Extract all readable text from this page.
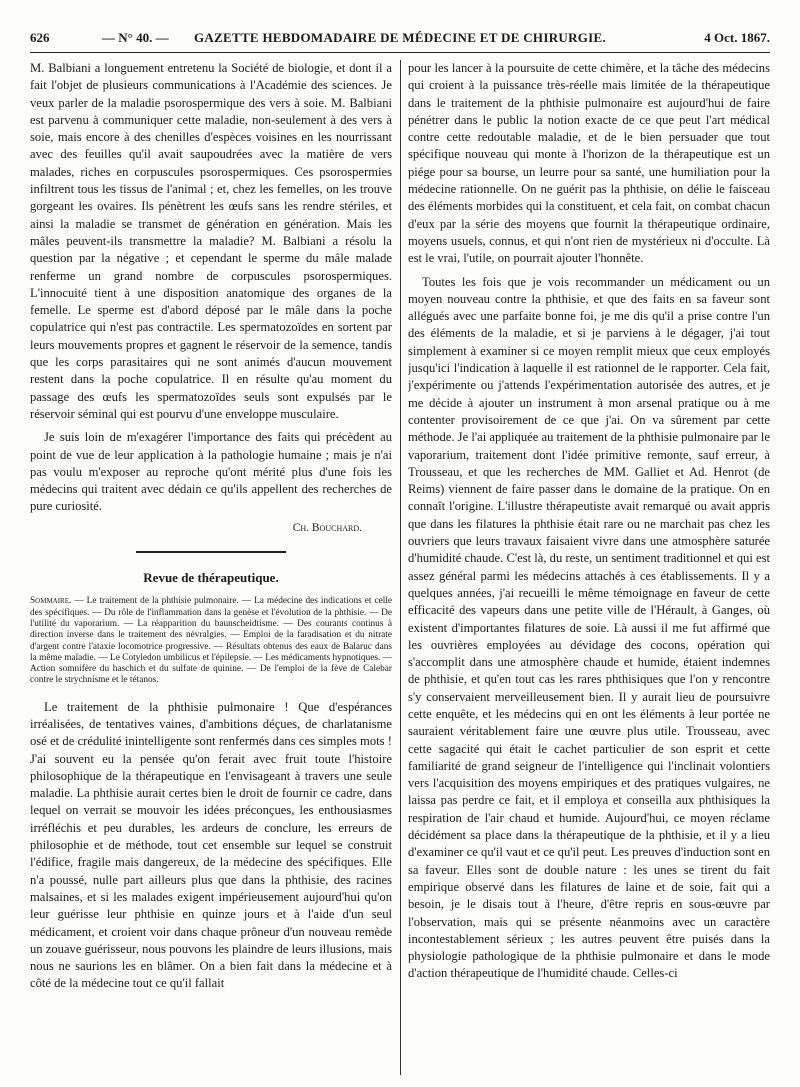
GAZETTE HEBDOMADAIRE DE MÉDECINE ET DE CHIRURGIE.
626	— N° 40. —	4 Oct. 1867.

M. Balbiani a longuement entretenu la Société de biologie, et dont il a fait l'objet de plusieurs communications à l'Académie des sciences. Je veux parler de la maladie psorospermique des vers à soie. M. Balbiani est parvenu à communiquer cette maladie, non-seulement à des vers à soie, mais encore à des chenilles d'espèces voisines en les nourrissant avec des feuilles qu'il avait saupoudrées avec la matière de vers malades, riches en corpuscules psorospermiques. Ces psorospermies infiltrent tous les tissus de l'animal ; et, chez les femelles, on les trouve gorgeant les ovaires. Ils pénètrent les œufs sans les rendre stériles, et ainsi la maladie se transmet de génération en génération. Mais les mâles peuvent-ils transmettre la maladie? M. Balbiani a résolu la question par la négative ; et cependant le sperme du mâle malade renferme un grand nombre de corpuscules psorospermiques. L'innocuité tient à une disposition anatomique des organes de la femelle. Le sperme est d'abord déposé par le mâle dans la poche copulatrice qui n'est pas contractile. Les spermatozoïdes en sortent par leurs mouvements propres et gagnent le réservoir de la semence, tandis que les corps parasitaires qui ne sont animés d'aucun mouvement restent dans la poche copulatrice. Il en résulte qu'au moment du passage des œufs les spermatozoïdes seuls sont expulsés par le réservoir séminal qui est pourvu d'une enveloppe musculaire.

Je suis loin de m'exagérer l'importance des faits qui précèdent au point de vue de leur application à la pathologie humaine ; mais je n'ai pas voulu m'exposer au reproche qu'ont mérité plus d'une fois les médecins qui traitent avec dédain ce qu'ils appellent des recherches de pure curiosité.

Ch. Bouchard.
Revue de thérapeutique.
Sommaire. — Le traitement de la phthisie pulmonaire. — La médecine des indications et celle des spécifiques. — Du rôle de l'inflammation dans la genèse et l'évolution de la phthisie. — De l'utilité du vaporarium. — La réapparition du baunscheidtisme. — Des courants continus à direction inverse dans le traitement des névralgies. — Emploi de la faradisation et du nitrate d'argent contre l'ataxie locomotrice progressive. — Résultats obtenus des eaux de Balaruc dans la même maladie. — Le Cotyledon umbilicus et l'épilepsie. — Les médicaments hypnotiques. — Action somnifère du haschich et du sulfate de quinine. — De l'emploi de la fève de Calebar contre le strychnisme et le tétanos.

Le traitement de la phthisie pulmonaire ! Que d'espérances irréalisées, de tentatives vaines, d'ambitions déçues, de charlatanisme osé et de crédulité inintelligente sont renfermés dans ces simples mots ! J'ai souvent eu la pensée qu'on ferait avec fruit toute l'histoire philosophique de la thérapeutique en l'envisageant à travers une seule maladie. La phthisie aurait certes bien le droit de fournir ce cadre, dans lequel on verrait se mouvoir les idées préconçues, les enthousiasmes irréfléchis et peu durables, les ardeurs de conclure, les erreurs de philosophie et de méthode, tout cet ensemble sur lequel se construit l'édifice, fragile mais dangereux, de la médecine des spécifiques. Elle n'a poussé, nulle part ailleurs plus que dans la phthisie, des racines malsaines, et si les malades exigent impérieusement aujourd'hui qu'on leur guérisse leur phthisie en quinze jours et à l'aide d'un seul médicament, et croient voir dans chaque prôneur d'un nouveau remède un zouave guérisseur, nous pouvons les plaindre de leurs illusions, mais nous ne saurions les en blâmer. On a bien fait dans la médecine et à côté de la médecine tout ce qu'il fallait

pour les lancer à la poursuite de cette chimère, et la tâche des médecins qui croient à la puissance très-réelle mais limitée de la thérapeutique dans le traitement de la phthisie pulmonaire est aujourd'hui de faire pénétrer dans le public la notion exacte de ce que peut l'art médical contre cette redoutable maladie, et de le bien persuader que tout spécifique nouveau qui monte à l'horizon de la thérapeutique est un piége pour sa bourse, un leurre pour sa santé, une humiliation pour la médecine rationnelle. On ne guérit pas la phthisie, on délie le faisceau des éléments morbides qui la constituent, et cela fait, on combat chacun d'eux par la série des moyens que fournit la thérapeutique ordinaire, moyens usuels, connus, et qui n'ont rien de mystérieux ni d'occulte. Là est le vrai, l'utile, on pourrait ajouter l'honnête.

Toutes les fois que je vois recommander un médicament ou un moyen nouveau contre la phthisie, et que des faits en sa faveur sont allégués avec une parfaite bonne foi, je me dis qu'il a prise contre l'un des éléments de la maladie, et si je parviens à le dégager, j'ai tout simplement à examiner si ce moyen remplit mieux que ceux employés jusqu'ici l'indication à laquelle il est rationnel de le rapporter. Cela fait, j'expérimente ou j'attends l'expérimentation autorisée des autres, et je me décide à ajouter un instrument à mon arsenal pratique ou à me contenter provisoirement de ce que j'ai. On va sûrement par cette méthode. Je l'ai appliquée au traitement de la phthisie pulmonaire par le vaporarium, traitement dont l'idée primitive remonte, sauf erreur, à Trousseau, et que les recherches de MM. Galliet et Ad. Henrot (de Reims) viennent de faire passer dans le domaine de la pratique. On en connaît l'origine. L'illustre thérapeutiste avait remarqué ou avait appris que dans les filatures la phthisie était rare ou ne marchait pas chez les ouvriers que leurs travaux faisaient vivre dans une atmosphère saturée d'humidité chaude. C'est là, du reste, un sentiment traditionnel et qui est assez général parmi les médecins attachés à ces établissements. Il y a quelques années, j'ai recueilli le même témoignage en faveur de cette efficacité des vapeurs dans une petite ville de l'Hérault, à Ganges, où existent d'importantes filatures de soie. Là aussi il me fut affirmé que les ouvrières employées au dévidage des cocons, opération qui s'accomplit dans une atmosphère chaude et humide, étaient indemnes de phthisie, et qu'en tout cas les rares phthisiques que l'on y rencontre s'y conservaient merveilleusement bien. Il y aurait lieu de poursuivre cette enquête, et les médecins qui en ont les éléments à leur portée ne sauraient véritablement faire une œuvre plus utile. Trousseau, avec cette sagacité qui était le cachet particulier de son esprit et cette familiarité de grand seigneur de l'intelligence qui l'inclinait volontiers vers l'acquisition des moyens empiriques et des pratiques vulgaires, ne laissa pas perdre ce fait, et il employa et conseilla aux phthisiques la respiration de l'air chaud et humide. Aujourd'hui, ce moyen réclame décidément sa place dans la thérapeutique de la phthisie, et il y a lieu d'examiner ce qu'il vaut et ce qu'il peut. Les preuves d'induction sont en sa faveur. Elles sont de double nature : les unes se tirent du fait empirique observé dans les filatures de laine et de soie, fait qui a besoin, je le disais tout à l'heure, d'être repris en sous-œuvre par l'observation, mais qui se présente néanmoins avec un caractère incontestablement sérieux ; les autres peuvent être puisés dans la physiologie pathologique de la phthisie pulmonaire et dans le mode d'action thérapeutique de l'humidité chaude. Celles-ci
